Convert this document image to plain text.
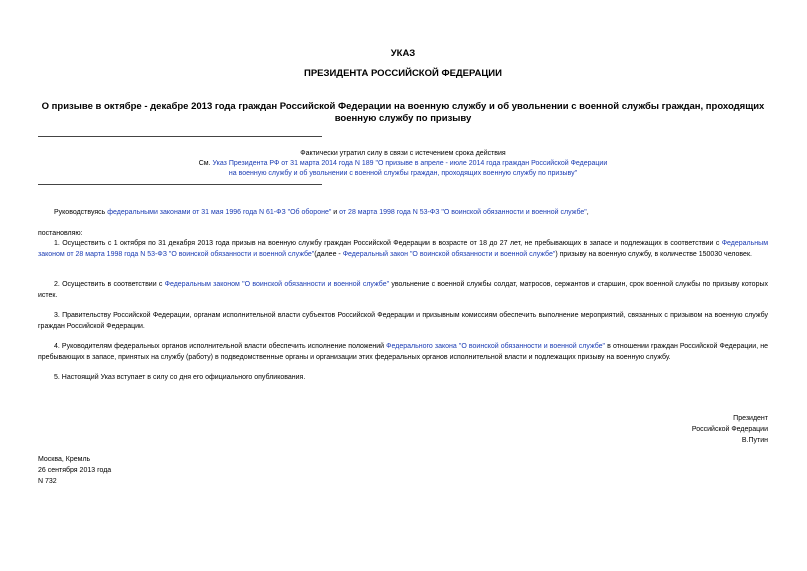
УКАЗ
ПРЕЗИДЕНТА РОССИЙСКОЙ ФЕДЕРАЦИИ
О призыве в октябре - декабре 2013 года граждан Российской Федерации на военную службу и об увольнении с военной службы граждан, проходящих военную службу по призыву
Фактически утратил силу в связи с истечением срока действия
См. Указ Президента РФ от 31 марта 2014 года N 189 "О призыве в апреле - июле 2014 года граждан Российской Федерации
на военную службу и об увольнении с военной службы граждан, проходящих военную службу по призыву"
Руководствуясь федеральными законами от 31 мая 1996 года N 61-ФЗ "Об обороне" и от 28 марта 1998 года N 53-ФЗ "О воинской обязанности и военной службе",
постановляю:
1. Осуществить с 1 октября по 31 декабря 2013 года призыв на военную службу граждан Российской Федерации в возрасте от 18 до 27 лет, не пребывающих в запасе и подлежащих в соответствии с Федеральным законом от 28 марта 1998 года N 53-ФЗ "О воинской обязанности и военной службе"(далее - Федеральный закон "О воинской обязанности и военной службе") призыву на военную службу, в количестве 150030 человек.
2. Осуществить в соответствии с Федеральным законом "О воинской обязанности и военной службе" увольнение с военной службы солдат, матросов, сержантов и старшин, срок военной службы по призыву которых истек.
3. Правительству Российской Федерации, органам исполнительной власти субъектов Российской Федерации и призывным комиссиям обеспечить выполнение мероприятий, связанных с призывом на военную службу граждан Российской Федерации.
4. Руководителям федеральных органов исполнительной власти обеспечить исполнение положений Федерального закона "О воинской обязанности и военной службе" в отношении граждан Российской Федерации, не пребывающих в запасе, принятых на службу (работу) в подведомственные органы и организации этих федеральных органов исполнительной власти и подлежащих призыву на военную службу.
5. Настоящий Указ вступает в силу со дня его официального опубликования.
Президент
Российской Федерации
В.Путин
Москва, Кремль
26 сентября 2013 года
N 732
